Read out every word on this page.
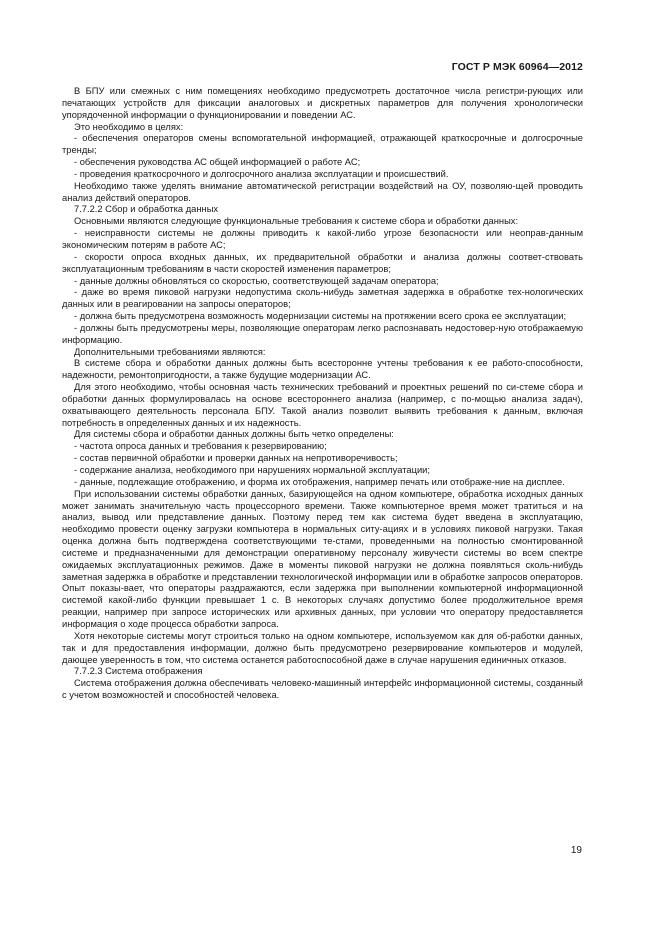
ГОСТ Р МЭК 60964—2012

В БПУ или смежных с ним помещениях необходимо предусмотреть достаточное числа регистри-рующих или печатающих устройств для фиксации аналоговых и дискретных параметров для получения хронологически упорядоченной информации о функционировании и поведении АС.

Это необходимо в целях:

- обеспечения операторов смены вспомогательной информацией, отражающей краткосрочные и долгосрочные тренды;

- обеспечения руководства АС общей информацией о работе АС;

- проведения краткосрочного и долгосрочного анализа эксплуатации и происшествий.

Необходимо также уделять внимание автоматической регистрации воздействий на ОУ, позволяю-щей проводить анализ действий операторов.

7.7.2.2 Сбор и обработка данных

Основными являются следующие функциональные требования к системе сбора и обработки данных:

- неисправности системы не должны приводить к какой-либо угрозе безопасности или неоправ-данным экономическим потерям в работе АС;

- скорости опроса входных данных, их предварительной обработки и анализа должны соответ-ствовать эксплуатационным требованиям в части скоростей изменения параметров;

- данные должны обновляться со скоростью, соответствующей задачам оператора;

- даже во время пиковой нагрузки недопустима сколь-нибудь заметная задержка в обработке тех-нологических данных или в реагировании на запросы операторов;

- должна быть предусмотрена возможность модернизации системы на протяжении всего срока ее эксплуатации;

- должны быть предусмотрены меры, позволяющие операторам легко распознавать недостовер-ную отображаемую информацию.

Дополнительными требованиями являются:

В системе сбора и обработки данных должны быть всесторонне учтены требования к ее работо-способности, надежности, ремонтопригодности, а также будущие модернизации АС.

Для этого необходимо, чтобы основная часть технических требований и проектных решений по си-стеме сбора и обработки данных формулировалась на основе всестороннего анализа (например, с по-мощью анализа задач), охватывающего деятельность персонала БПУ. Такой анализ позволит выявить требования к данным, включая потребность в определенных данных и их надежность.

Для системы сбора и обработки данных должны быть четко определены:

- частота опроса данных и требования к резервированию;

- состав первичной обработки и проверки данных на непротиворечивость;

- содержание анализа, необходимого при нарушениях нормальной эксплуатации;

- данные, подлежащие отображению, и форма их отображения, например печать или отображе-ние на дисплее.

При использовании системы обработки данных, базирующейся на одном компьютере, обработка исходных данных может занимать значительную часть процессорного времени. Также компьютерное время может тратиться и на анализ, вывод или представление данных. Поэтому перед тем как система будет введена в эксплуатацию, необходимо провести оценку загрузки компьютера в нормальных ситу-ациях и в условиях пиковой нагрузки. Такая оценка должна быть подтверждена соответствующими те-стами, проведенными на полностью смонтированной системе и предназначенными для демонстрации оперативному персоналу живучести системы во всем спектре ожидаемых эксплуатационных режимов. Даже в моменты пиковой нагрузки не должна появляться сколь-нибудь заметная задержка в обработке и представлении технологической информации или в обработке запросов операторов. Опыт показы-вает, что операторы раздражаются, если задержка при выполнении компьютерной информационной системой какой-либо функции превышает 1 с. В некоторых случаях допустимо более продолжительное время реакции, например при запросе исторических или архивных данных, при условии что оператору предоставляется информация о ходе процесса обработки запроса.

Хотя некоторые системы могут строиться только на одном компьютере, используемом как для об-работки данных, так и для предоставления информации, должно быть предусмотрено резервирование компьютеров и модулей, дающее уверенность в том, что система останется работоспособной даже в случае нарушения единичных отказов.

7.7.2.3 Система отображения

Система отображения должна обеспечивать человеко-машинный интерфейс информационной системы, созданный с учетом возможностей и способностей человека.

19
